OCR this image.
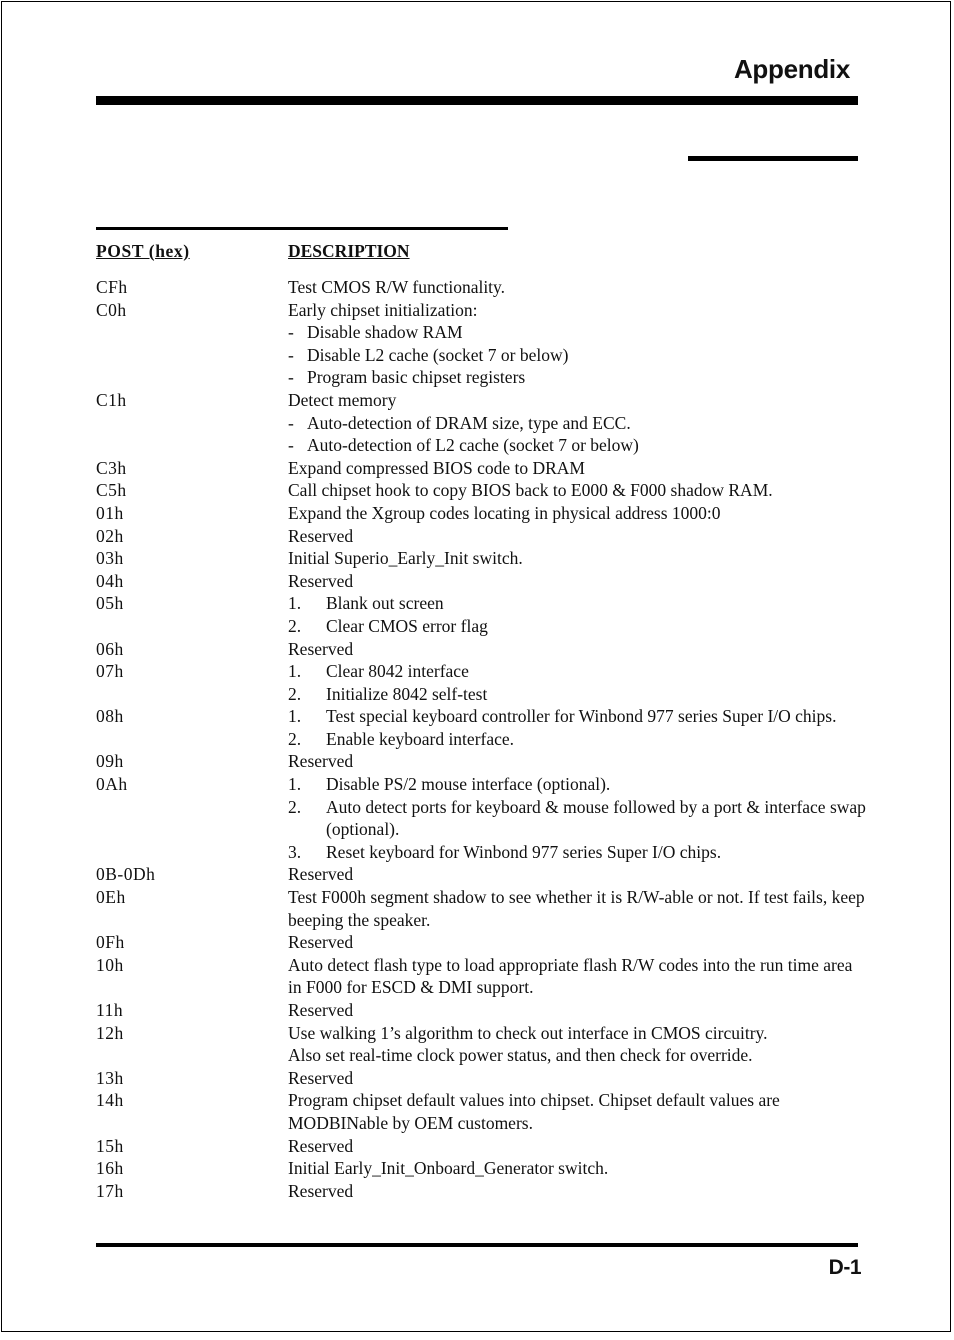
Appendix
POST (hex)	DESCRIPTION
CFh	Test CMOS R/W functionality.
C0h	Early chipset initialization:
- Disable shadow RAM
- Disable L2 cache (socket 7 or below)
- Program basic chipset registers
C1h	Detect memory
- Auto-detection of DRAM size, type and ECC.
- Auto-detection of L2 cache (socket 7 or below)
C3h	Expand compressed BIOS code to DRAM
C5h	Call chipset hook to copy BIOS back to E000 & F000 shadow RAM.
01h	Expand the Xgroup codes locating in physical address 1000:0
02h	Reserved
03h	Initial Superio_Early_Init switch.
04h	Reserved
05h	1.	Blank out screen
2.	Clear CMOS error flag
06h	Reserved
07h	1.	Clear 8042 interface
2.	Initialize 8042 self-test
08h	1.	Test special keyboard controller for Winbond 977 series Super I/O chips.
2.	Enable keyboard interface.
09h	Reserved
0Ah	1.	Disable PS/2 mouse interface (optional).
2.	Auto detect ports for keyboard & mouse followed by a port & interface swap (optional).
3.	Reset keyboard for Winbond 977 series Super I/O chips.
0B-0Dh	Reserved
0Eh	Test F000h segment shadow to see whether it is R/W-able or not. If test fails, keep beeping the speaker.
0Fh	Reserved
10h	Auto detect flash type to load appropriate flash R/W codes into the run time area in F000 for ESCD & DMI support.
11h	Reserved
12h	Use walking 1’s algorithm to check out interface in CMOS circuitry.
Also set real-time clock power status, and then check for override.
13h	Reserved
14h	Program chipset default values into chipset. Chipset default values are MODBINable by OEM customers.
15h	Reserved
16h	Initial Early_Init_Onboard_Generator switch.
17h	Reserved
D-1
